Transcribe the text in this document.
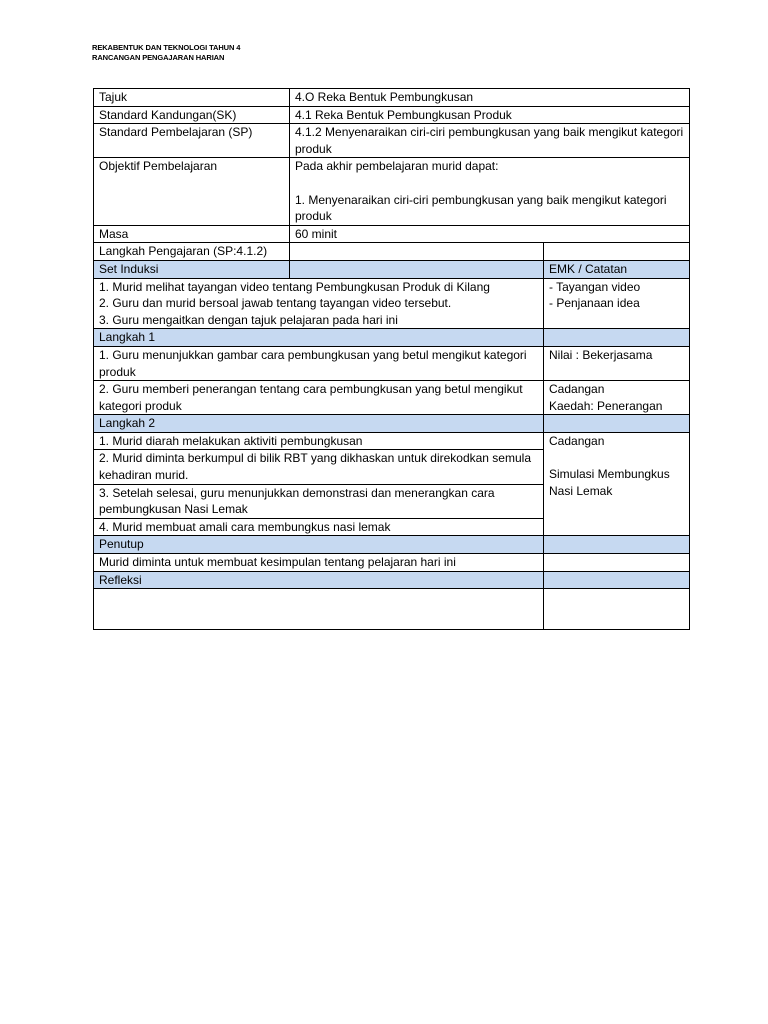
REKABENTUK DAN TEKNOLOGI TAHUN 4
RANCANGAN PENGAJARAN HARIAN
Tajuk	4.O Reka Bentuk Pembungkusan	
Standard Kandungan(SK)	4.1 Reka Bentuk Pembungkusan Produk	
Standard Pembelajaran (SP)	4.1.2 Menyenaraikan ciri-ciri pembungkusan yang baik mengikut kategori produk	
Objektif Pembelajaran	Pada akhir pembelajaran murid dapat:

1. Menyenaraikan ciri-ciri pembungkusan yang baik mengikut kategori produk	
Masa	60 minit	
Langkah Pengajaran (SP:4.1.2)		
Set Induksi		EMK / Catatan
1. Murid melihat tayangan video tentang Pembungkusan Produk di Kilang
2. Guru dan murid bersoal jawab tentang tayangan video tersebut.
3. Guru mengaitkan dengan tajuk pelajaran pada hari ini		- Tayangan video
- Penjanaan idea
Langkah 1		
1. Guru menunjukkan gambar cara pembungkusan yang betul mengikut kategori produk		Nilai : Bekerjasama
2. Guru memberi penerangan tentang cara pembungkusan yang betul mengikut kategori produk		Cadangan
Kaedah: Penerangan
Langkah 2		
1. Murid diarah melakukan aktiviti pembungkusan		Cadangan

Simulasi Membungkus Nasi Lemak
2. Murid diminta berkumpul di bilik RBT yang dikhaskan untuk direkodkan semula kehadiran murid.		
3. Setelah selesai, guru menunjukkan demonstrasi dan menerangkan cara pembungkusan Nasi Lemak		
4. Murid membuat amali cara membungkus nasi lemak		
Penutup		
Murid diminta untuk membuat kesimpulan tentang pelajaran hari ini		
Refleksi		
